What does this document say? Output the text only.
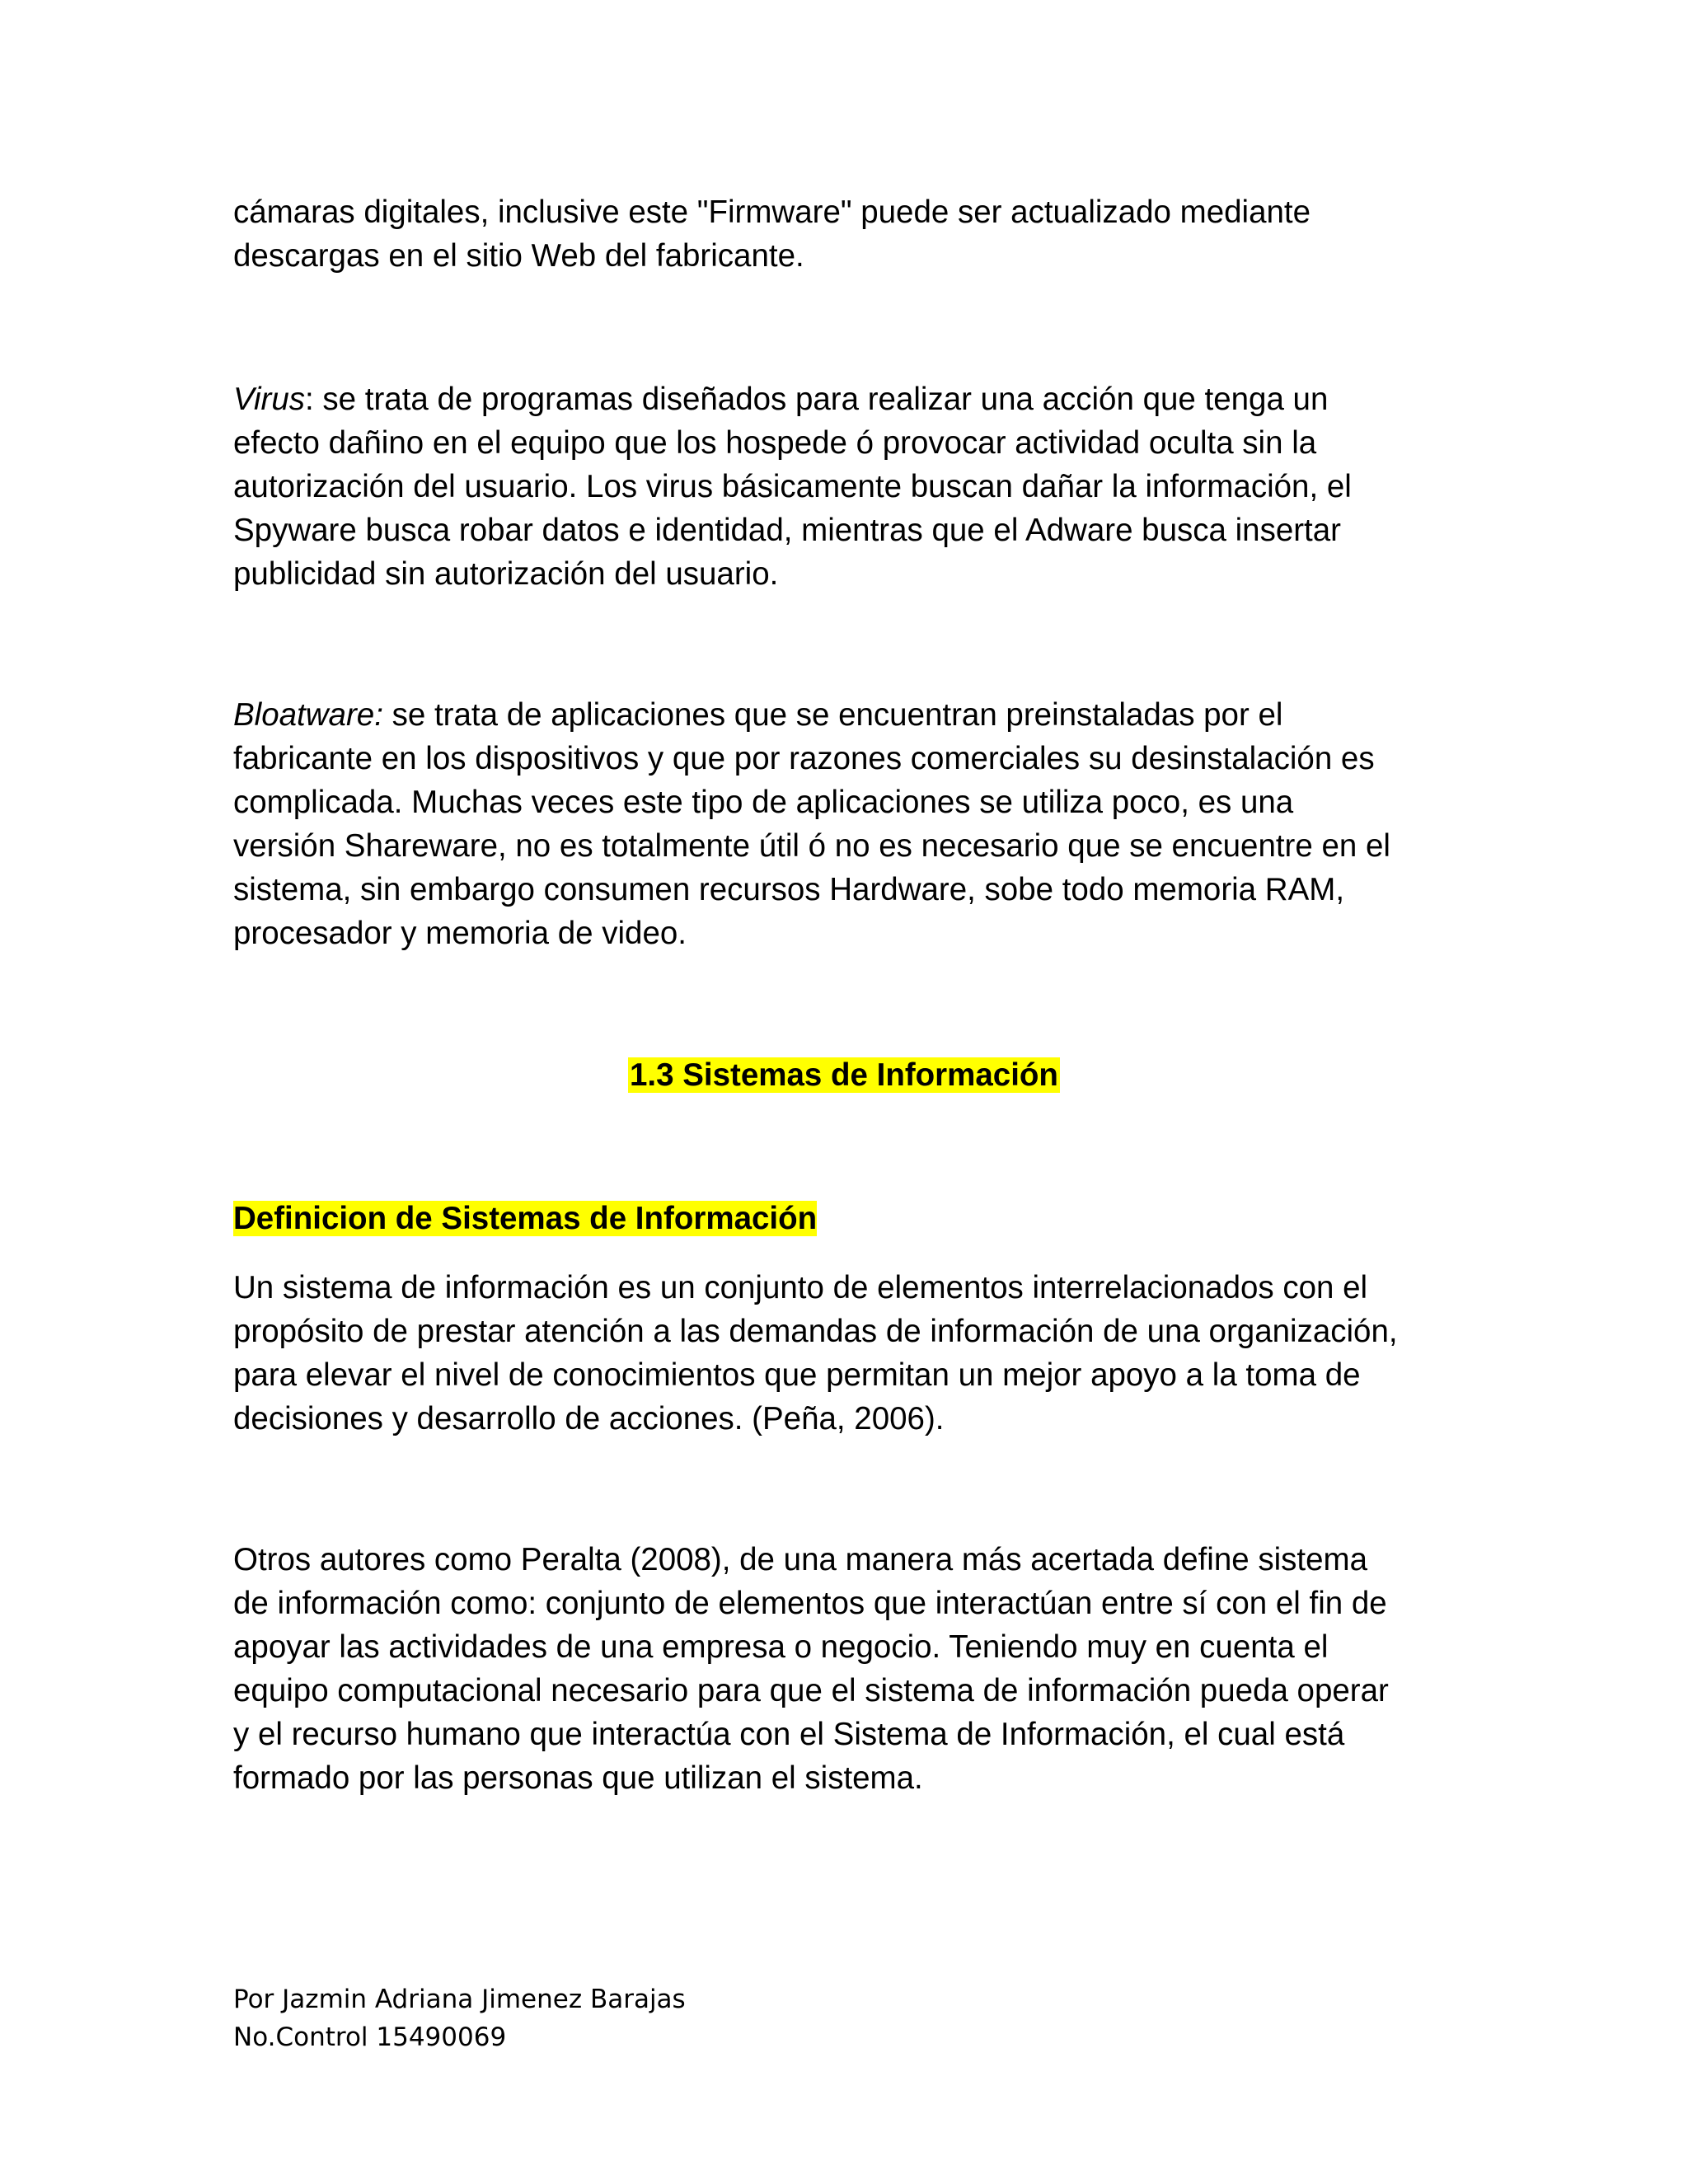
cámaras digitales, inclusive este "Firmware" puede ser actualizado mediante
descargas en el sitio Web del fabricante.

Virus: se trata de programas diseñados para realizar una acción que tenga un
efecto dañino en el equipo que los hospede ó provocar actividad oculta sin la
autorización del usuario. Los virus básicamente buscan dañar la información, el
Spyware busca robar datos e identidad, mientras que el Adware busca insertar
publicidad sin autorización del usuario.

Bloatware: se trata de aplicaciones que se encuentran preinstaladas por el
fabricante en los dispositivos y que por razones comerciales su desinstalación es
complicada. Muchas veces este tipo de aplicaciones se utiliza poco, es una
versión Shareware, no es totalmente útil ó no es necesario que se encuentre en el
sistema, sin embargo consumen recursos Hardware, sobe todo memoria RAM,
procesador y memoria de video.

1.3 Sistemas de Información
Definicion de Sistemas de Información

Un sistema de información es un conjunto de elementos interrelacionados con el
propósito de prestar atención a las demandas de información de una organización,
para elevar el nivel de conocimientos que permitan un mejor apoyo a la toma de
decisiones y desarrollo de acciones. (Peña, 2006).

Otros autores como Peralta (2008), de una manera más acertada define sistema
de información como: conjunto de elementos que interactúan entre sí con el fin de
apoyar las actividades de una empresa o negocio. Teniendo muy en cuenta el
equipo computacional necesario para que el sistema de información pueda operar
y el recurso humano que interactúa con el Sistema de Información, el cual está
formado por las personas que utilizan el sistema.

Por Jazmin Adriana Jimenez Barajas
No.Control 15490069
